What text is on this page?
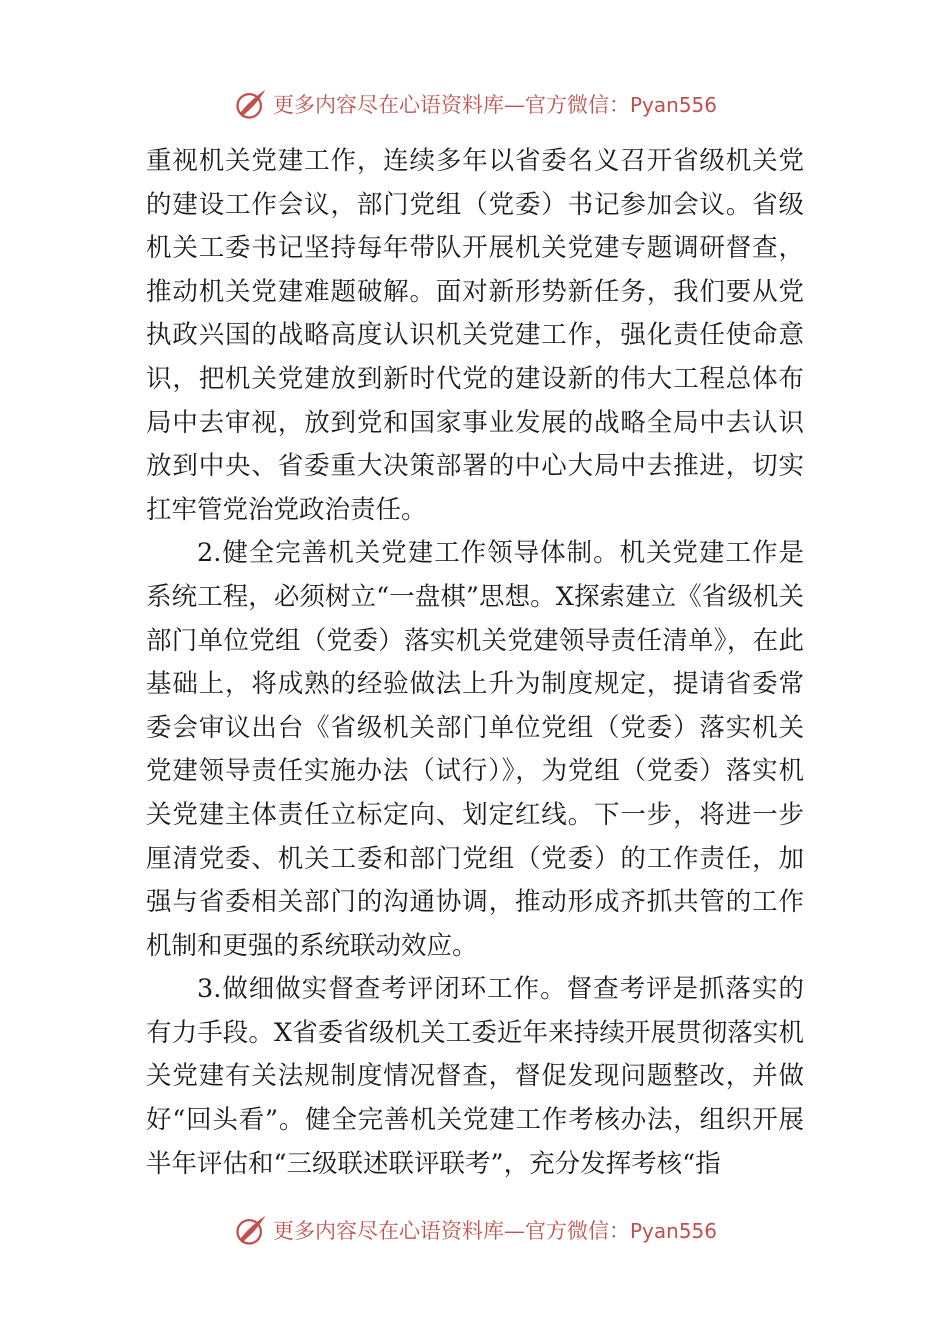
更多内容尽在心语资料库—官方微信：Pyan556

重视机关党建工作，连续多年以省委名义召开省级机关党的建设工作会议，部门党组（党委）书记参加会议。省级机关工委书记坚持每年带队开展机关党建专题调研督查，推动机关党建难题破解。面对新形势新任务，我们要从党执政兴国的战略高度认识机关党建工作，强化责任使命意识，把机关党建放到新时代党的建设新的伟大工程总体布局中去审视，放到党和国家事业发展的战略全局中去认识放到中央、省委重大决策部署的中心大局中去推进，切实扛牢管党治党政治责任。

2.健全完善机关党建工作领导体制。机关党建工作是系统工程，必须树立“一盘棋”思想。X探索建立《省级机关部门单位党组（党委）落实机关党建领导责任清单》，在此基础上，将成熟的经验做法上升为制度规定，提请省委常委会审议出台《省级机关部门单位党组（党委）落实机关党建领导责任实施办法（试行）》，为党组（党委）落实机关党建主体责任立标定向、划定红线。下一步，将进一步厘清党委、机关工委和部门党组（党委）的工作责任，加强与省委相关部门的沟通协调，推动形成齐抓共管的工作机制和更强的系统联动效应。

3.做细做实督查考评闭环工作。督查考评是抓落实的有力手段。X省委省级机关工委近年来持续开展贯彻落实机关党建有关法规制度情况督查，督促发现问题整改，并做好“回头看”。健全完善机关党建工作考核办法，组织开展半年评估和“三级联述联评联考”，充分发挥考核“指

更多内容尽在心语资料库—官方微信：Pyan556
